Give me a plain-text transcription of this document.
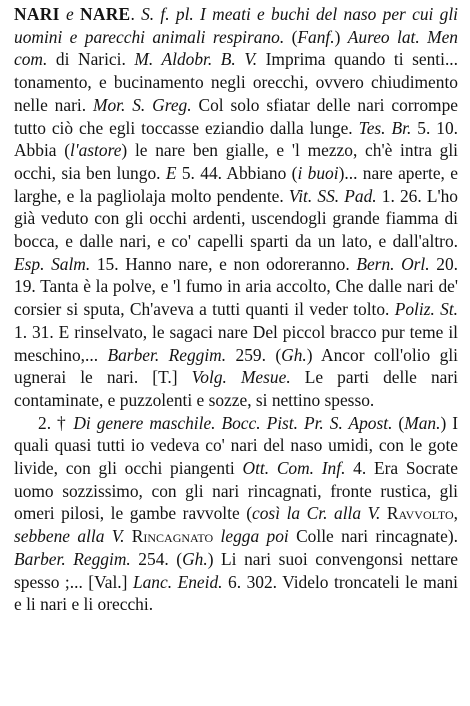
NARI e NARE. S. f. pl. I meati e buchi del naso per cui gli uomini e parecchi animali respirano. (Fanf.) Aureo lat. Men com. di Narici. M. Aldobr. B. V. Imprima quando ti senti... tonamento, e bucinamento negli orecchi, ovvero chiudimento nelle nari. Mor. S. Greg. Col solo sfiatar delle nari corrompe tutto ciò che egli toccasse eziandio dalla lunge. Tes. Br. 5. 10. Abbia (l'astore) le nare ben gialle, e 'l mezzo, ch'è intra gli occhi, sia ben lungo. E 5. 44. Abbiano (i buoi)... nare aperte, e larghe, e la pagliolaja molto pendente. Vit. SS. Pad. 1. 26. L'ho già veduto con gli occhi ardenti, uscendogli grande fiamma di bocca, e dalle nari, e co' capelli sparti da un lato, e dall'altro. Esp. Salm. 15. Hanno nare, e non odoreranno. Bern. Orl. 20. 19. Tanta è la polve, e 'l fumo in aria accolto, Che dalle nari de' corsier si sputa, Ch'aveva a tutti quanti il veder tolto. Poliz. St. 1. 31. E rinselvato, le sagaci nare Del piccol bracco pur teme il meschino,... Barber. Reggim. 259. (Gh.) Ancor coll'olio gli ugnerai le nari. [T.] Volg. Mesue. Le parti delle nari contaminate, e puzzolenti e sozze, si nettino spesso.

2. † Di genere maschile. Bocc. Pist. Pr. S. Apost. (Man.) I quali quasi tutti io vedeva co' nari del naso umidi, con le gote livide, con gli occhi piangenti Ott. Com. Inf. 4. Era Socrate uomo sozzissimo, con gli nari rincagnati, fronte rustica, gli omeri pilosi, le gambe ravvolte (così la Cr. alla V. Ravvolto, sebbene alla V. Rincagnato legga poi Colle nari rincagnate). Barber. Reggim. 254. (Gh.) Li nari suoi convengonsi nettare spesso ;... [Val.] Lanc. Eneid. 6. 302. Videlo troncateli le mani e li nari e li orecchi.
